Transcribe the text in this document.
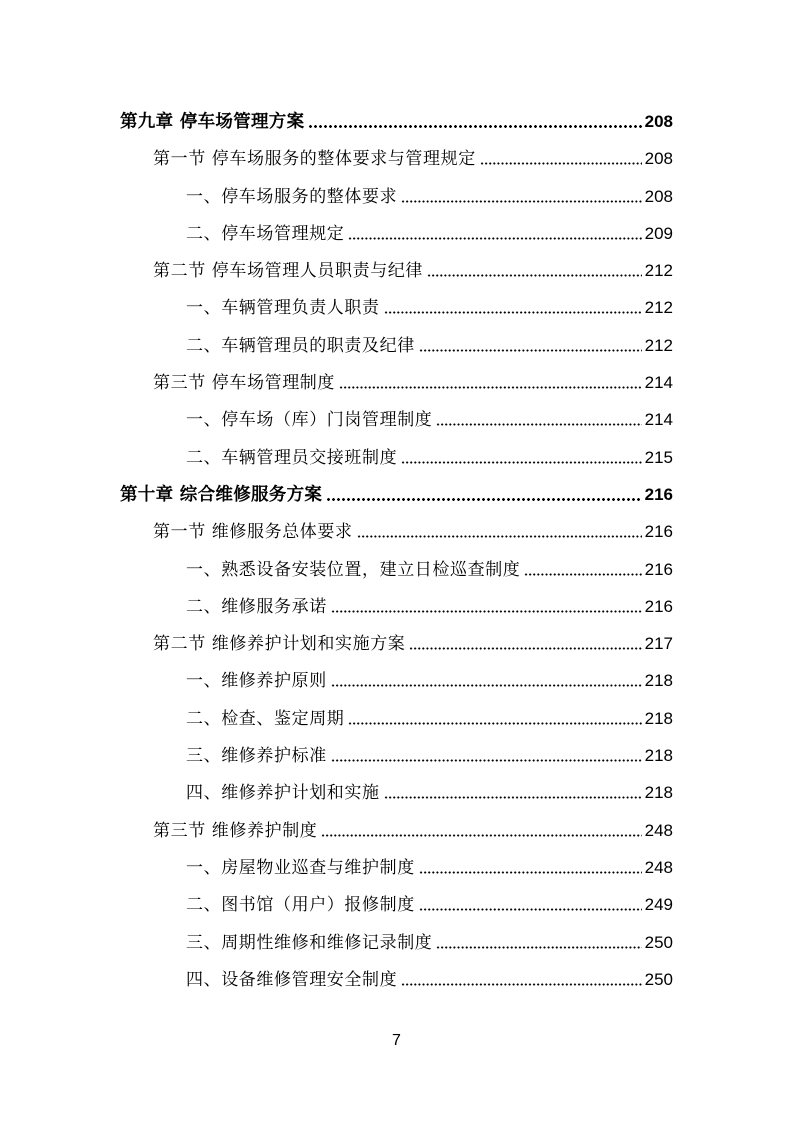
第九章 停车场管理方案	208
第一节 停车场服务的整体要求与管理规定	208
一、停车场服务的整体要求	208
二、停车场管理规定	209
第二节 停车场管理人员职责与纪律	212
一、车辆管理负责人职责	212
二、车辆管理员的职责及纪律	212
第三节 停车场管理制度	214
一、停车场（库）门岗管理制度	214
二、车辆管理员交接班制度	215
第十章 综合维修服务方案	216
第一节 维修服务总体要求	216
一、熟悉设备安装位置，建立日检巡查制度	216
二、维修服务承诺	216
第二节 维修养护计划和实施方案	217
一、维修养护原则	218
二、检查、鉴定周期	218
三、维修养护标准	218
四、维修养护计划和实施	218
第三节 维修养护制度	248
一、房屋物业巡查与维护制度	248
二、图书馆（用户）报修制度	249
三、周期性维修和维修记录制度	250
四、设备维修管理安全制度	250
7
